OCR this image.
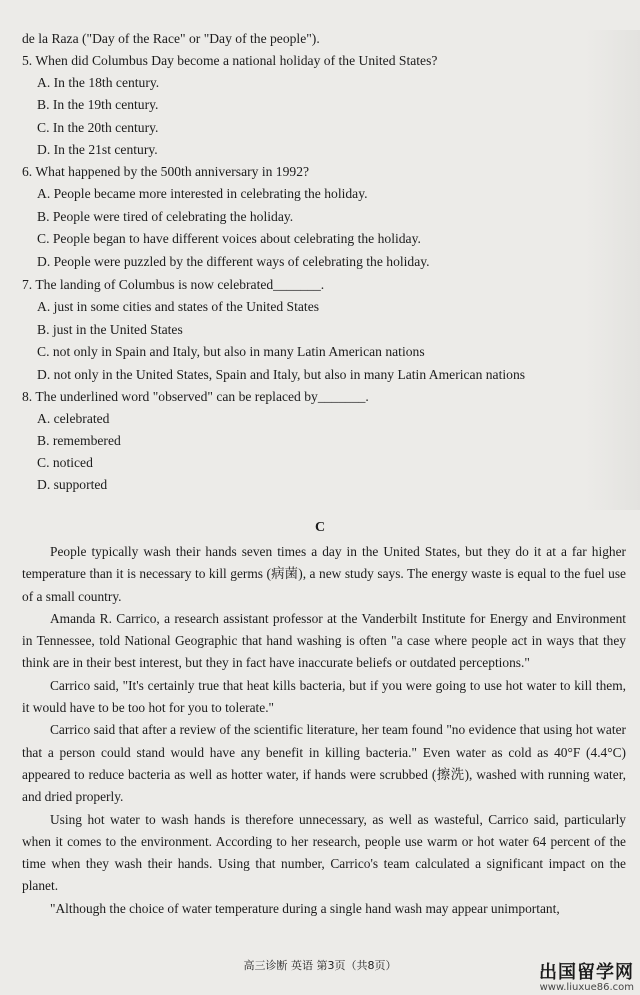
de la Raza ("Day of the Race" or "Day of the people").
5. When did Columbus Day become a national holiday of the United States?
A. In the 18th century.
B. In the 19th century.
C. In the 20th century.
D. In the 21st century.
6. What happened by the 500th anniversary in 1992?
A. People became more interested in celebrating the holiday.
B. People were tired of celebrating the holiday.
C. People began to have different voices about celebrating the holiday.
D. People were puzzled by the different ways of celebrating the holiday.
7. The landing of Columbus is now celebrated_______.
A. just in some cities and states of the United States
B. just in the United States
C. not only in Spain and Italy, but also in many Latin American nations
D. not only in the United States, Spain and Italy, but also in many Latin American nations
8. The underlined word "observed" can be replaced by_______.
A. celebrated
B. remembered
C. noticed
D. supported
C

People typically wash their hands seven times a day in the United States, but they do it at a far higher temperature than it is necessary to kill germs (病菌), a new study says. The energy waste is equal to the fuel use of a small country.

Amanda R. Carrico, a research assistant professor at the Vanderbilt Institute for Energy and Environment in Tennessee, told National Geographic that hand washing is often "a case where people act in ways that they think are in their best interest, but they in fact have inaccurate beliefs or outdated perceptions."

Carrico said, "It's certainly true that heat kills bacteria, but if you were going to use hot water to kill them, it would have to be too hot for you to tolerate."

Carrico said that after a review of the scientific literature, her team found "no evidence that using hot water that a person could stand would have any benefit in killing bacteria." Even water as cold as 40°F (4.4°C) appeared to reduce bacteria as well as hotter water, if hands were scrubbed (擦洗), washed with running water, and dried properly.

Using hot water to wash hands is therefore unnecessary, as well as wasteful, Carrico said, particularly when it comes to the environment. According to her research, people use warm or hot water 64 percent of the time when they wash their hands. Using that number, Carrico's team calculated a significant impact on the planet.

"Although the choice of water temperature during a single hand wash may appear unimportant,

高三诊断 英语 第3页（共8页）	出国留学网
www.liuxue86.com
